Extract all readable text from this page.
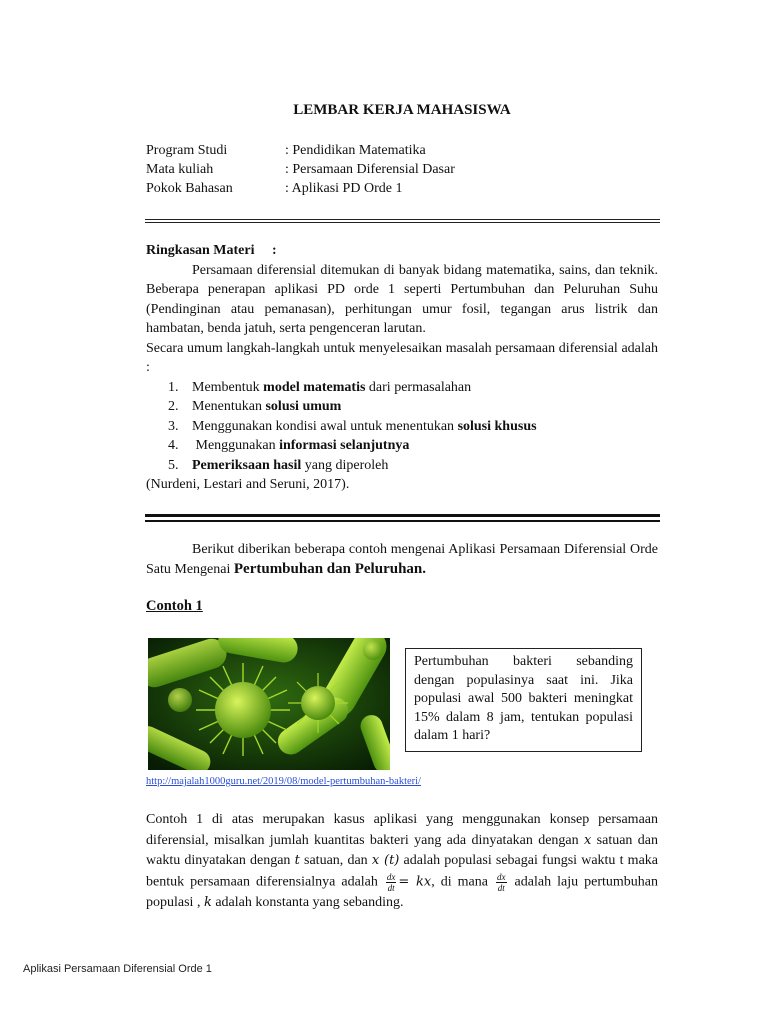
LEMBAR KERJA MAHASISWA
Program Studi	: Pendidikan Matematika
Mata kuliah	: Persamaan Diferensial Dasar
Pokok Bahasan	: Aplikasi PD Orde 1
Ringkasan Materi     :
Persamaan diferensial ditemukan di banyak bidang matematika, sains, dan teknik. Beberapa penerapan aplikasi PD orde 1 seperti Pertumbuhan dan Peluruhan Suhu (Pendinginan atau pemanasan), perhitungan umur fosil, tegangan arus listrik dan hambatan, benda jatuh, serta pengenceran larutan.
Secara umum langkah-langkah untuk menyelesaikan masalah persamaan diferensial adalah :
1. Membentuk model matematis dari permasalahan
2. Menentukan solusi umum
3. Menggunakan kondisi awal untuk menentukan solusi khusus
4. Menggunakan informasi selanjutnya
5. Pemeriksaan hasil yang diperoleh
(Nurdeni, Lestari and Seruni, 2017).
Berikut diberikan beberapa contoh mengenai Aplikasi Persamaan Diferensial Orde Satu Mengenai Pertumbuhan dan Peluruhan.
Contoh 1
Pertumbuhan bakteri sebanding dengan populasinya saat ini. Jika populasi awal 500 bakteri meningkat 15% dalam 8 jam, tentukan populasi dalam 1 hari?
http://majalah1000guru.net/2019/08/model-pertumbuhan-bakteri/
Contoh 1 di atas merupakan kasus aplikasi yang menggunakan konsep persamaan diferensial, misalkan jumlah kuantitas bakteri yang ada dinyatakan dengan x satuan dan waktu dinyatakan dengan t satuan, dan x (t) adalah populasi sebagai fungsi waktu t maka bentuk persamaan diferensialnya adalah $\frac{dx}{dt}$ = kx, di mana $\frac{dx}{dt}$ adalah laju pertumbuhan populasi , k adalah konstanta yang sebanding.
Aplikasi Persamaan Diferensial Orde 1
